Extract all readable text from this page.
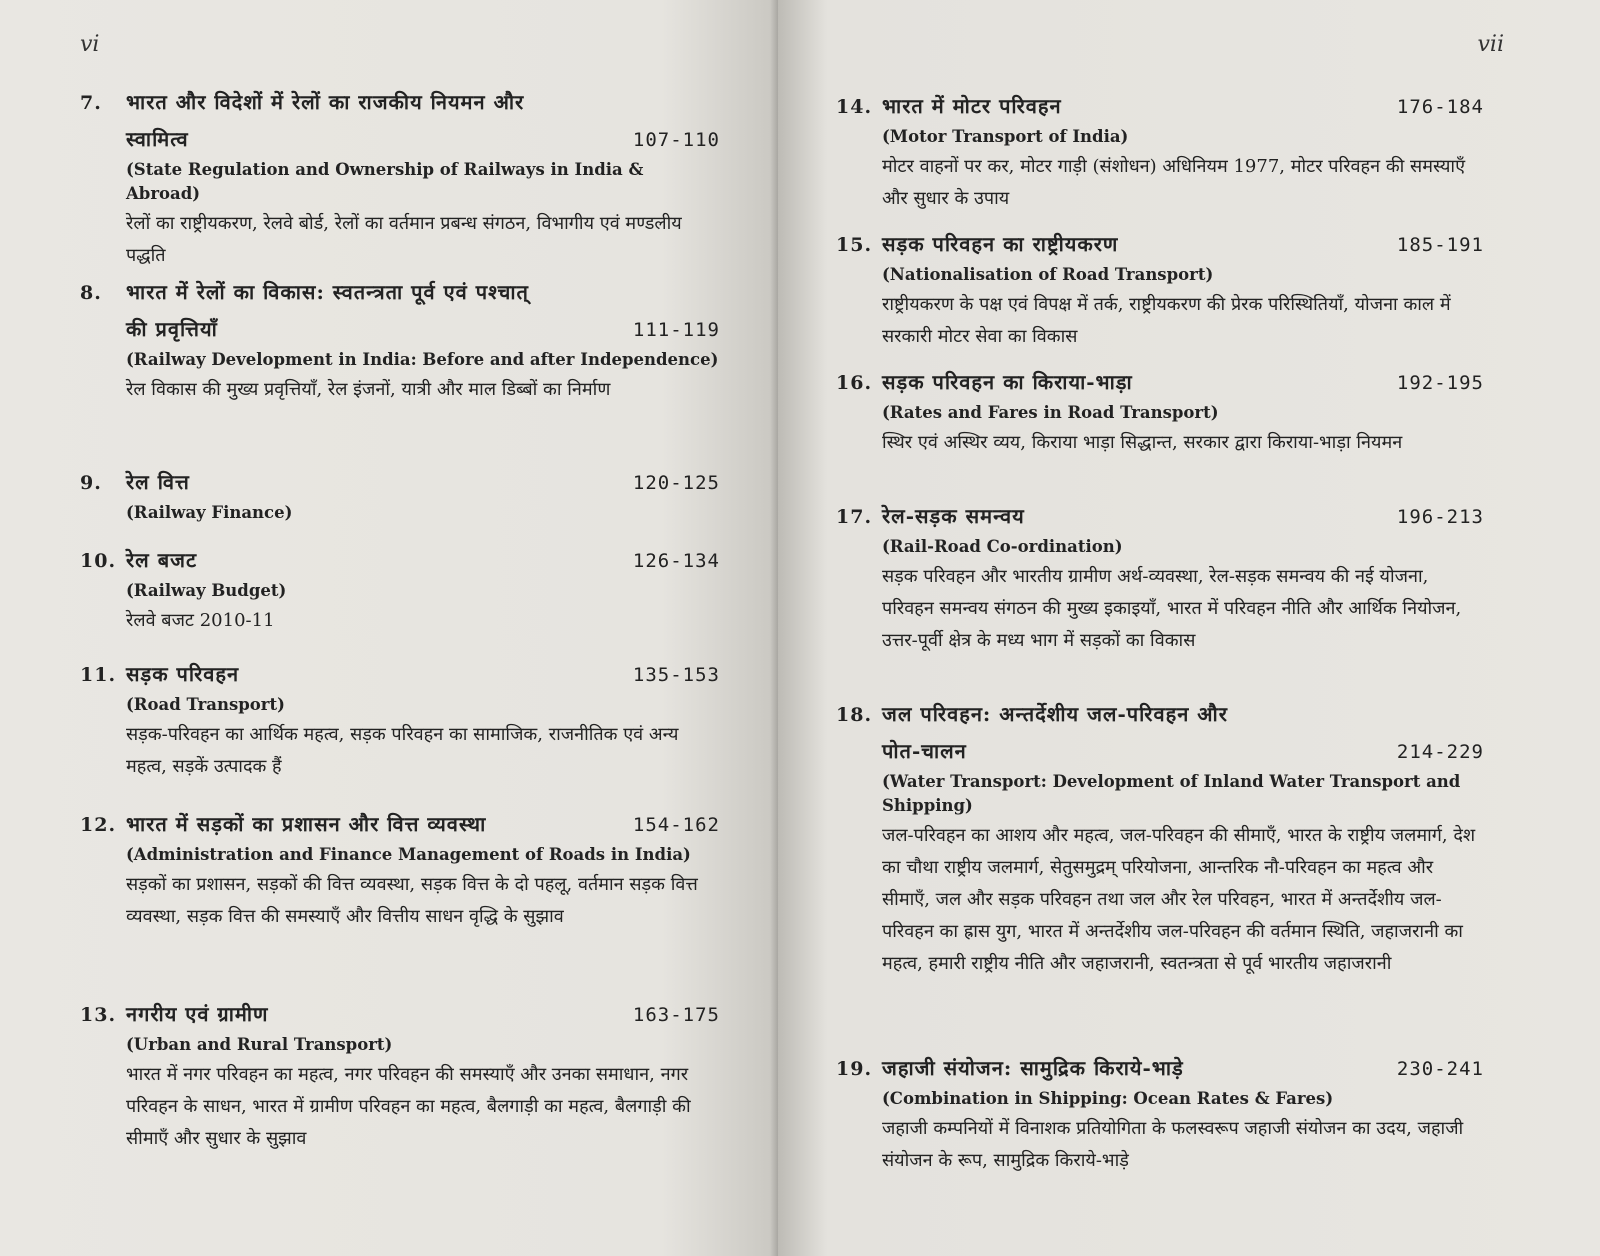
vi
7.	भारत और विदेशों में रेलों का राजकीय नियमन और
स्वामित्व	107-110
(State Regulation and Ownership of Railways in India & Abroad)
रेलों का राष्ट्रीयकरण, रेलवे बोर्ड, रेलों का वर्तमान प्रबन्ध संगठन, विभागीय एवं मण्डलीय पद्धति
8.	भारत में रेलों का विकास: स्वतन्त्रता पूर्व एवं पश्चात्
की प्रवृत्तियाँ	111-119
(Railway Development in India: Before and after Independence)
रेल विकास की मुख्य प्रवृत्तियाँ, रेल इंजनों, यात्री और माल डिब्बों का निर्माण
9.	रेल वित्त	120-125
(Railway Finance)
10. रेल बजट	126-134
(Railway Budget)
रेलवे बजट 2010-11
11. सड़क परिवहन	135-153
(Road Transport)
सड़क-परिवहन का आर्थिक महत्व, सड़क परिवहन का सामाजिक, राजनीतिक एवं अन्य महत्व, सड़कें उत्पादक हैं
12. भारत में सड़कों का प्रशासन और वित्त व्यवस्था	154-162
(Administration and Finance Management of Roads in India)
सड़कों का प्रशासन, सड़कों की वित्त व्यवस्था, सड़क वित्त के दो पहलू, वर्तमान सड़क वित्त व्यवस्था, सड़क वित्त की समस्याएँ और वित्तीय साधन वृद्धि के सुझाव
13. नगरीय एवं ग्रामीण	163-175
(Urban and Rural Transport)
भारत में नगर परिवहन का महत्व, नगर परिवहन की समस्याएँ और उनका समाधान, नगर परिवहन के साधन, भारत में ग्रामीण परिवहन का महत्व, बैलगाड़ी का महत्व, बैलगाड़ी की सीमाएँ और सुधार के सुझाव
vii
14. भारत में मोटर परिवहन	176-184
(Motor Transport of India)
मोटर वाहनों पर कर, मोटर गाड़ी (संशोधन) अधिनियम 1977, मोटर परिवहन की समस्याएँ और सुधार के उपाय
15. सड़क परिवहन का राष्ट्रीयकरण	185-191
(Nationalisation of Road Transport)
राष्ट्रीयकरण के पक्ष एवं विपक्ष में तर्क, राष्ट्रीयकरण की प्रेरक परिस्थितियाँ, योजना काल में सरकारी मोटर सेवा का विकास
16. सड़क परिवहन का किराया-भाड़ा	192-195
(Rates and Fares in Road Transport)
स्थिर एवं अस्थिर व्यय, किराया भाड़ा सिद्धान्त, सरकार द्वारा किराया-भाड़ा नियमन
17. रेल-सड़क समन्वय	196-213
(Rail-Road Co-ordination)
सड़क परिवहन और भारतीय ग्रामीण अर्थ-व्यवस्था, रेल-सड़क समन्वय की नई योजना, परिवहन समन्वय संगठन की मुख्य इकाइयाँ, भारत में परिवहन नीति और आर्थिक नियोजन, उत्तर-पूर्वी क्षेत्र के मध्य भाग में सड़कों का विकास
18. जल परिवहन: अन्तर्देशीय जल-परिवहन और
पोत-चालन	214-229
(Water Transport: Development of Inland Water Transport and Shipping)
जल-परिवहन का आशय और महत्व, जल-परिवहन की सीमाएँ, भारत के राष्ट्रीय जलमार्ग, देश का चौथा राष्ट्रीय जलमार्ग, सेतुसमुद्रम् परियोजना, आन्तरिक नौ-परिवहन का महत्व और सीमाएँ, जल और सड़क परिवहन तथा जल और रेल परिवहन, भारत में अन्तर्देशीय जल-परिवहन का ह्रास युग, भारत में अन्तर्देशीय जल-परिवहन की वर्तमान स्थिति, जहाजरानी का महत्व, हमारी राष्ट्रीय नीति और जहाजरानी, स्वतन्त्रता से पूर्व भारतीय जहाजरानी
19. जहाजी संयोजन: सामुद्रिक किराये-भाड़े	230-241
(Combination in Shipping: Ocean Rates & Fares)
जहाजी कम्पनियों में विनाशक प्रतियोगिता के फलस्वरूप जहाजी संयोजन का उदय, जहाजी संयोजन के रूप, सामुद्रिक किराये-भाड़े
